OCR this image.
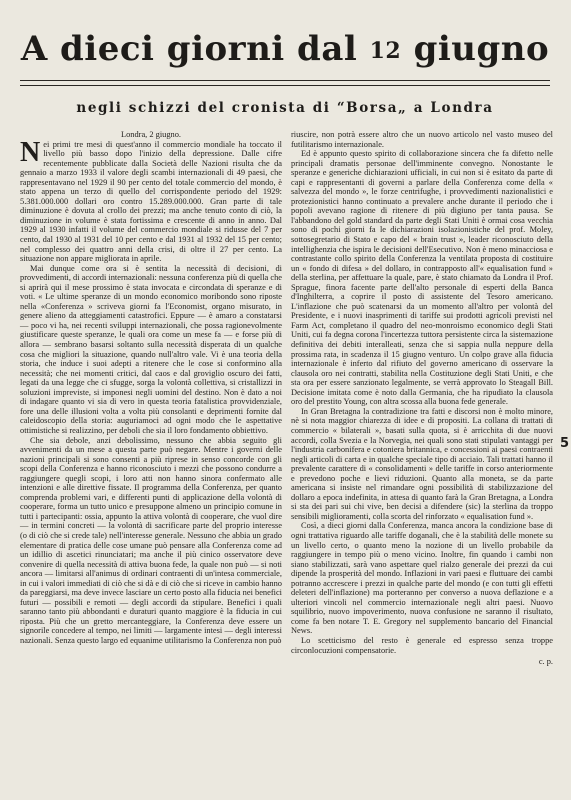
A dieci giorni dal 12 giugno
negli schizzi del cronista di “Borsa„ a Londra

Londra, 2 giugno.

Nei primi tre mesi di quest'anno il commercio mondiale ha toccato il livello più basso dopo l'inizio della depressione. Dalle cifre recentemente pubblicate dalla Società delle Nazioni risulta che da gennaio a marzo 1933 il valore degli scambi internazionali di 49 paesi, che rappresentavano nel 1929 il 90 per cento del totale commercio del mondo, è stato appena un terzo di quello del corrispondente periodo del 1929: 5.381.000.000 dollari oro contro 15.289.000.000. Gran parte di tale diminuzione è dovuta al crollo dei prezzi; ma anche tenuto conto di ciò, la diminuzione in volume è stata fortissima e crescente di anno in anno. Dal 1929 al 1930 infatti il volume del commercio mondiale si ridusse del 7 per cento, dal 1930 al 1931 del 10 per cento e dal 1931 al 1932 del 15 per cento; nel complesso dei quattro anni della crisi, di oltre il 27 per cento. La situazione non appare migliorata in aprile.

Mai dunque come ora si è sentita la necessità di decisioni, di provvedimenti, di accordi internazionali: nessuna conferenza più di quella che si aprirà qui il mese prossimo è stata invocata e circondata di speranze e di voti. « Le ultime speranze di un mondo economico moribondo sono riposte nella «Conferenza » scriveva giorni fa l'Economist, organo misurato, in genere alieno da atteggiamenti catastrofici. Eppure — è amaro a constatarsi — poco vi ha, nei recenti sviluppi internazionali, che possa ragionevolmente giustificare queste speranze, le quali ora come un mese fa — e forse più di allora — sembrano basarsi soltanto sulla necessità disperata di un qualche cosa che migliori la situazione, quando null'altro vale. Vi è una teoria della storia, che induce i suoi adepti a ritenere che le cose si conformino alla necessità; che nei momenti critici, dal caos e dal groviglio oscuro dei fatti, legati da una legge che ci sfugge, sorga la volontà collettiva, si cristallizzi in soluzioni impreviste, si imponesi negli uomini del destino. Non è dato a noi di indagare quanto vi sia di vero in questa teoria fatalistica provvidenziale, fore una delle illusioni volta a volta più consolanti e deprimenti fornite dal caleidoscopio della storia: auguriamoci ad ogni modo che le aspettative ottimistiche si realizzino, per deboli che sia il loro fondamento obbiettivo.

Che sia debole, anzi debolissimo, nessuno che abbia seguito gli avvenimenti da un mese a questa parte può negare. Mentre i governi delle nazioni principali si sono consenti a più riprese in senso concorde con gli scopi della Conferenza e hanno riconosciuto i mezzi che possono condurre a raggiungere quegli scopi, i loro atti non hanno sinora confermato alle intenzioni e alle direttive fissate. Il programma della Conferenza, per quanto comprenda problemi vari, e differenti punti di applicazione della volontà di cooperare, forma un tutto unico e presuppone almeno un principio comune in tutti i partecipanti: ossia, appunto la attiva volontà di cooperare, che vuol dire — in termini concreti — la volontà di sacrificare parte del proprio interesse (o di ciò che si crede tale) nell'interesse generale. Nessuno che abbia un grado elementare di pratica delle cose umane può pensare alla Conferenza come ad un idillio di ascetici rinunciatari; ma anche il più cinico osservatore deve convenire di quella necessità di attiva buona fede, la quale non può — si noti ancora — limitarsi all'animus di ordinari contraenti di un'intesa commerciale, in cui i valori immediati di ciò che si dà e di ciò che si riceve in cambio hanno da pareggiarsi, ma deve invece lasciare un certo posto alla fiducia nei benefici futuri — possibili e remoti — degli accordi da stipulare. Benefici i quali saranno tanto più abbondanti e duraturi quanto maggiore è la fiducia in cui riposta. Più che un gretto mercanteggiare, la Conferenza deve essere un signorile concedere al tempo, nei limiti — largamente intesi — degli interessi nazionali. Senza questo largo ed equanime utilitarismo la Conferenza non può

riuscire, non potrà essere altro che un nuovo articolo nel vasto museo del futilitarismo internazionale.

Ed è appunto questo spirito di collaborazione sincera che fa difetto nelle principali dramatis personae dell'imminente convegno. Nonostante le speranze e generiche dichiarazioni ufficiali, in cui non si è esitato da parte di capi e rappresentanti di governi a parlare della Conferenza come della « salvezza del mondo », le forze centrifughe, i provvedimenti nazionalistici e protezionistici hanno continuato a prevalere anche durante il periodo che i popoli avevano ragione di ritenere di più digiuno per tanta pausa. Se l'abbandono del gold standard da parte degli Stati Uniti è ormai cosa vecchia sono di pochi giorni fa le dichiarazioni isolazionistiche del prof. Moley, sottosegretario di Stato e capo del « brain trust », leader riconosciuto della intellighenzia che ispira le decisioni dell'Esecutivo. Non è meno minacciosa e contrastante collo spirito della Conferenza la ventilata proposta di costituire un « fondo di difesa » del dollaro, in contrapposto all'« equalisation fund » della sterlina, per affettuare la quale, pare, è stato chiamato da Londra il Prof. Sprague, finora facente parte dell'alto personale di esperti della Banca d'Inghilterra, a coprire il posto di assistente del Tesoro americano. L'inflazione che può scatenarsi da un momento all'altro per volontà del Presidente, e i nuovi inasprimenti di tariffe sui prodotti agricoli previsti nel Farm Act, completano il quadro del neo-monroismo economico degli Stati Uniti, cui fa degna corona l'incertezza tuttora persistente circa la sistemazione definitiva dei debiti interalleati, senza che si sappia nulla neppure della prossima rata, in scadenza il 15 giugno venturo. Un colpo grave alla fiducia internazionale è inferto dal rifiuto del governo americano di osservare la clausola oro nei contratti, stabilita nella Costituzione degli Stati Uniti, e che sta ora per essere sanzionato legalmente, se verrà approvato lo Steagall Bill. Decisione imitata come è noto dalla Germania, che ha ripudiato la clausola oro del prestito Young, con altra scossa alla buona fede generale.

In Gran Bretagna la contradizione tra fatti e discorsi non è molto minore, nè si nota maggior chiarezza di idee e di propositi. La collana di trattati di commercio « bilaterali », basati sulla quota, si è arricchita di due nuovi accordi, colla Svezia e la Norvegia, nei quali sono stati stipulati vantaggi per l'industria carbonifera e cotoniera britannica, e concessioni ai paesi contraenti negli articoli di carta e in qualche speciale tipo di acciaio. Tali trattati hanno il prevalente carattere di « consolidamenti » delle tariffe in corso anteriormente e prevedono poche e lievi riduzioni. Quanto alla moneta, se da parte americana si insiste nel rimandare ogni possibilità di stabilizzazione del dollaro a epoca indefinita, in attesa di quanto farà la Gran Bretagna, a Londra si sta dei pari sui chi vive, ben decisi a difendere (sic) la sterlina da troppo sensibili miglioramenti, colla scorta del rinforzato « equalisation fund ».

Così, a dieci giorni dalla Conferenza, manca ancora la condizione base di ogni trattativa riguardo alle tariffe doganali, che è la stabilità delle monete su un livello certo, o quanto meno la nozione di un livello probabile da raggiungere in tempo più o meno vicino. Inoltre, fin quando i cambi non siano stabilizzati, sarà vano aspettare quel rialzo generale dei prezzi da cui dipende la prosperità del mondo. Inflazioni in vari paesi e fluttuare dei cambi potranno accrescere i prezzi in qualche parte del mondo (e con tutti gli effetti deleteri dell'inflazione) ma porteranno per converso a nuova deflazione e a ulteriori vincoli nel commercio internazionale negli altri paesi. Nuovo squilibrio, nuovo impoverimento, nuova confusione ne saranno il risultato, come fa ben notare T. E. Gregory nel supplemento bancario del Financial News.

Lo scetticismo del resto è generale ed espresso senza troppe circonlocuzioni compensatorie.

c. p.

5
